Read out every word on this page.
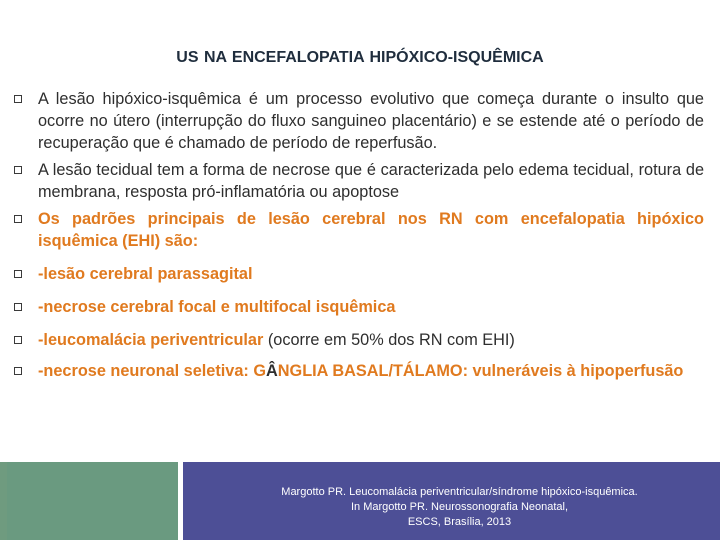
US NA ENCEFALOPATIA HIPÓXICO-ISQUÊMICA
A lesão hipóxico-isquêmica é um processo evolutivo que começa durante o insulto que ocorre no útero (interrupção do fluxo sanguineo placentário) e se estende até o período de recuperação que é chamado de período de reperfusão.
A lesão tecidual tem a forma de necrose que é caracterizada pelo edema tecidual, rotura de membrana, resposta pró-inflamatória ou apoptose
Os padrões principais de lesão cerebral nos RN com encefalopatia hipóxico isquêmica (EHI) são:
-lesão cerebral parassagital
-necrose cerebral focal e multifocal isquêmica
-leucomalácia periventricular (ocorre em 50% dos RN com EHI)
-necrose neuronal seletiva: GÂNGLIA BASAL/TÁLAMO: vulneráveis à hipoperfusão
Margotto PR. Leucomalácia periventricular/síndrome hipóxico-isquêmica.
In Margotto PR. Neurossonografia Neonatal,
ESCS, Brasília, 2013
